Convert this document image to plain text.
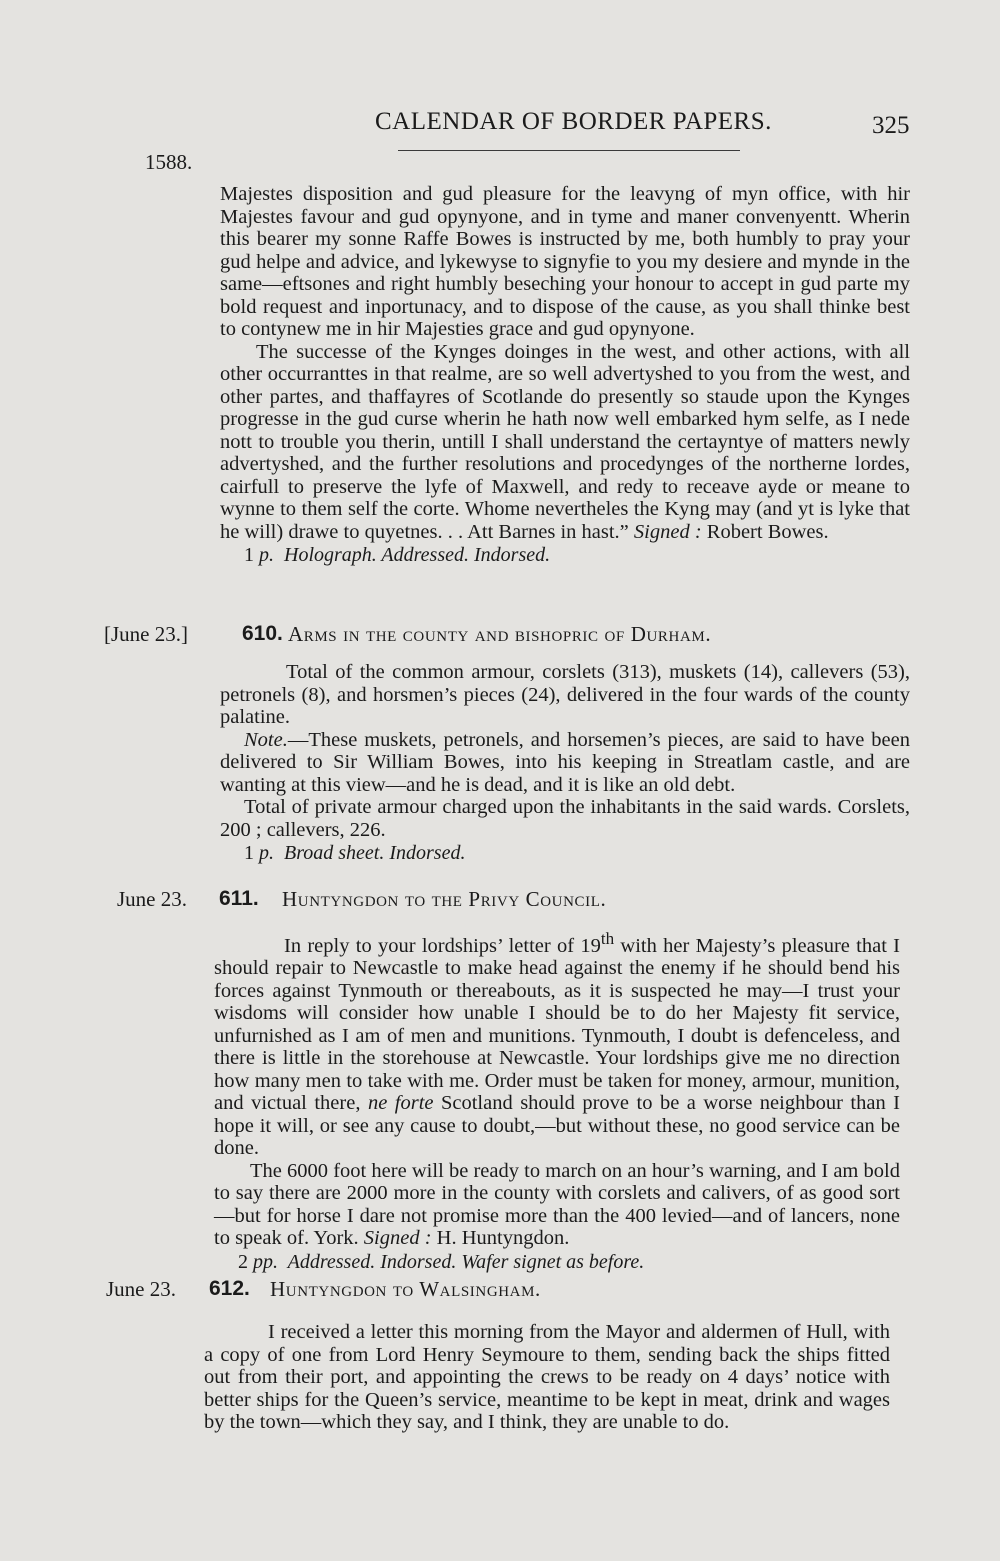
CALENDAR OF BORDER PAPERS.	325
1588.

Majestes disposition and gud pleasure for the leavyng of myn office, with hir Majestes favour and gud opynyone, and in tyme and maner convenyentt. Wherin this bearer my sonne Raffe Bowes is instructed by me, both humbly to pray your gud helpe and advice, and lykewyse to signyfie to you my desiere and mynde in the same—eftsones and right humbly beseching your honour to accept in gud parte my bold request and inportunacy, and to dispose of the cause, as you shall thinke best to contynew me in hir Majesties grace and gud opynyone.

The successe of the Kynges doinges in the west, and other actions, with all other occurranttes in that realme, are so well advertyshed to you from the west, and other partes, and thaffayres of Scotlande do presently so staude upon the Kynges progresse in the gud curse wherin he hath now well embarked hym selfe, as I nede nott to trouble you therin, untill I shall understand the certayntye of matters newly advertyshed, and the further resolutions and procedynges of the northerne lordes, cairfull to preserve the lyfe of Maxwell, and redy to receave ayde or meane to wynne to them self the corte. Whome nevertheles the Kyng may (and yt is lyke that he will) drawe to quyetnes. . . Att Barnes in hast.” Signed : Robert Bowes.

1 p. Holograph. Addressed. Indorsed.

[June 23.]	610. Arms in the county and bishopric of Durham.

Total of the common armour, corslets (313), muskets (14), callevers (53), petronels (8), and horsmen’s pieces (24), delivered in the four wards of the county palatine.

Note.—These muskets, petronels, and horsemen’s pieces, are said to have been delivered to Sir William Bowes, into his keeping in Streatlam castle, and are wanting at this view—and he is dead, and it is like an old debt.

Total of private armour charged upon the inhabitants in the said wards. Corslets, 200 ; callevers, 226.

1 p. Broad sheet. Indorsed.

June 23. 611. Huntyngdon to the Privy Council.

In reply to your lordships’ letter of 19th with her Majesty’s pleasure that I should repair to Newcastle to make head against the enemy if he should bend his forces against Tynmouth or thereabouts, as it is suspected he may—I trust your wisdoms will consider how unable I should be to do her Majesty fit service, unfurnished as I am of men and munitions. Tynmouth, I doubt is defenceless, and there is little in the storehouse at Newcastle. Your lordships give me no direction how many men to take with me. Order must be taken for money, armour, munition, and victual there, ne forte Scotland should prove to be a worse neighbour than I hope it will, or see any cause to doubt,—but without these, no good service can be done.

The 6000 foot here will be ready to march on an hour’s warning, and I am bold to say there are 2000 more in the county with corslets and calivers, of as good sort—but for horse I dare not promise more than the 400 levied—and of lancers, none to speak of. York. Signed : H. Huntyngdon.

2 pp. Addressed. Indorsed. Wafer signet as before.

June 23. 612. Huntyngdon to Walsingham.

I received a letter this morning from the Mayor and aldermen of Hull, with a copy of one from Lord Henry Seymoure to them, sending back the ships fitted out from their port, and appointing the crews to be ready on 4 days’ notice with better ships for the Queen’s service, meantime to be kept in meat, drink and wages by the town—which they say, and I think, they are unable to do.
